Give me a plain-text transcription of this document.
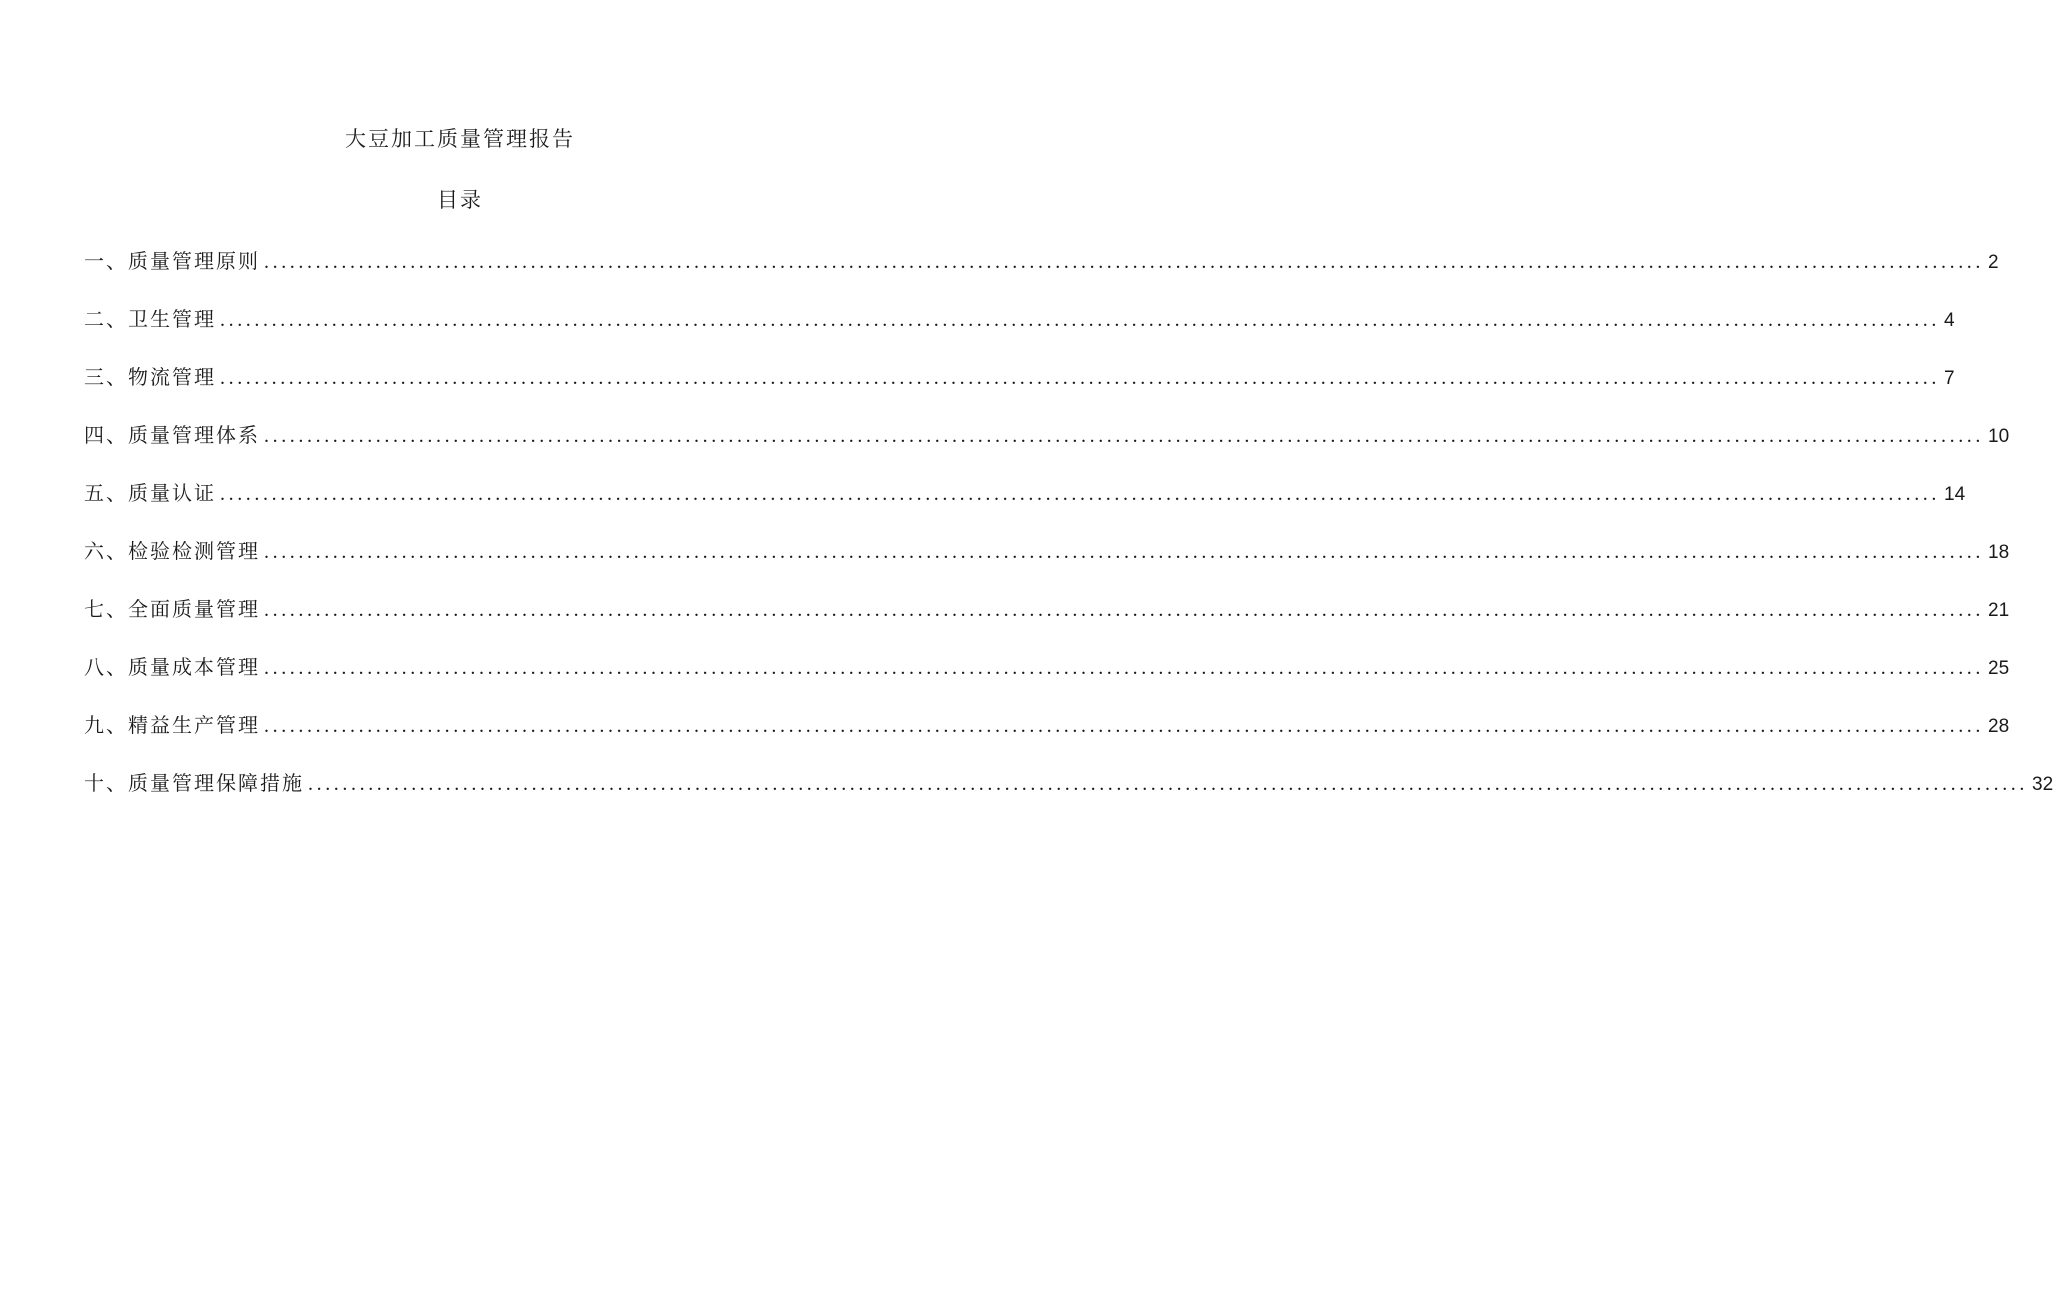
大豆加工质量管理报告
目录
一、质量管理原则 ........................................................................................................................................................................................................ 2
二、卫生管理 ........................................................................................................................................................................................................ 4
三、物流管理 ........................................................................................................................................................................................................ 7
四、质量管理体系 ........................................................................................................................................................................................................ 10
五、质量认证 ........................................................................................................................................................................................................ 14
六、检验检测管理 ........................................................................................................................................................................................................ 18
七、全面质量管理 ........................................................................................................................................................................................................ 21
八、质量成本管理 ........................................................................................................................................................................................................ 25
九、精益生产管理 ........................................................................................................................................................................................................ 28
十、质量管理保障措施 ........................................................................................................................................................................................................ 32
